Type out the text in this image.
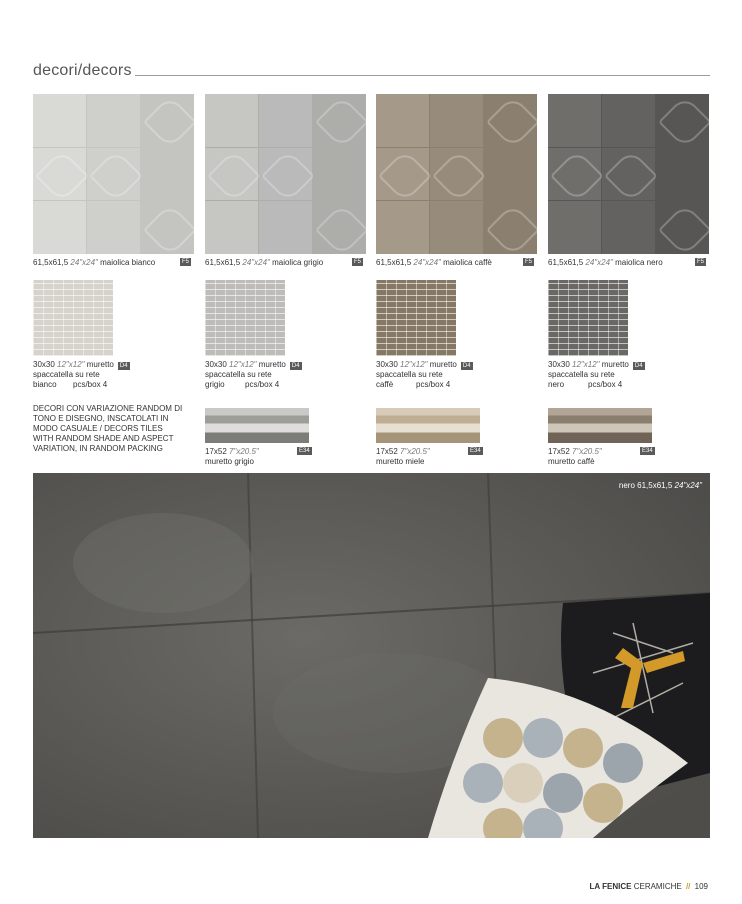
decori/decors
61,5x61,5 24"x24" maiolica bianco	F5 61,5x61,5 24"x24" maiolica grigio	F5 61,5x61,5 24"x24" maiolica caffè	F5 61,5x61,5 24"x24" maiolica nero	F5
30x30 12"x12" muretto D4
spaccatella su rete
bianco pcs/box 4
30x30 12"x12" muretto D4
spaccatella su rete
grigio	pcs/box 4
30x30 12"x12" muretto D4
spaccatella su rete
caffè	pcs/box 4
30x30 12"x12" muretto D4
spaccatella su rete
nero	pcs/box 4
DECORI CON VARIAZIONE RANDOM DI TONO E DISEGNO, INSCATOLATI IN MODO CASUALE / DECORS TILES WITH RANDOM SHADE AND ASPECT VARIATION, IN RANDOM PACKING	17x52 7"x20.5"
muretto grigio
E34	17x52 7"x20.5"
muretto miele
E34	17x52 7"x20.5"
muretto caffè
E34
nero 61,5x61,5 24"x24"
LA FENICE CERAMICHE // 109
